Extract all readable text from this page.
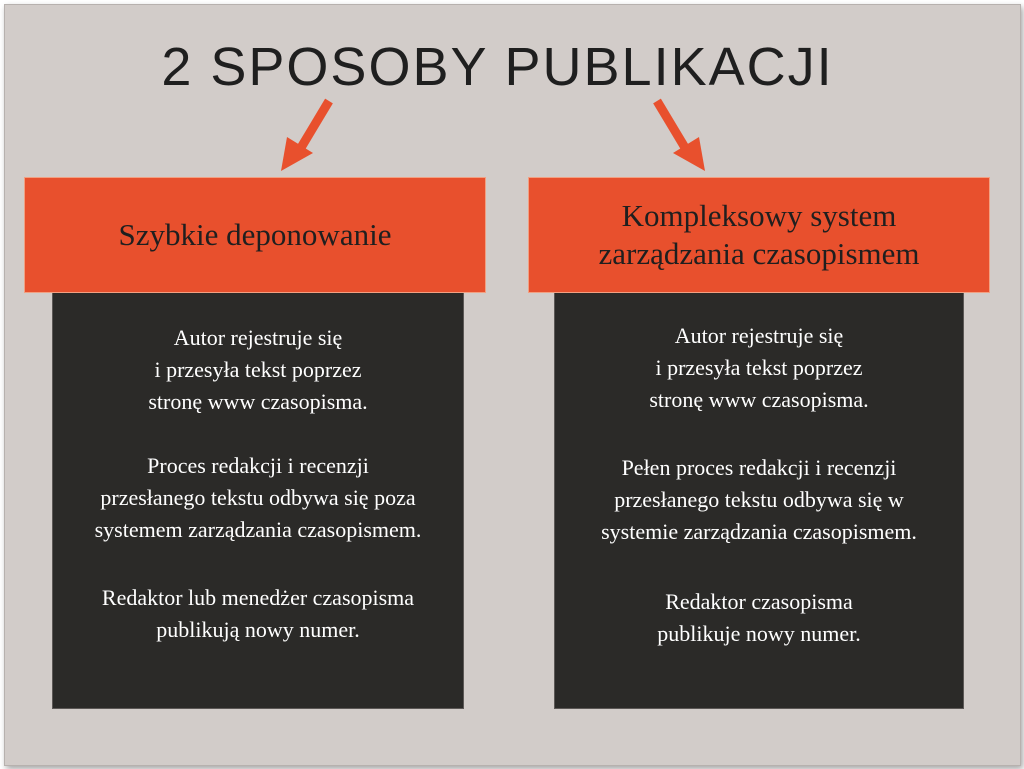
2 SPOSOBY PUBLIKACJI
Szybkie deponowanie
Kompleksowy system
zarządzania czasopismem
Autor rejestruje się
i przesyła tekst poprzez
stronę www czasopisma.
Proces redakcji i recenzji
przesłanego tekstu odbywa się poza
systemem zarządzania czasopismem.
Redaktor lub menedżer czasopisma
publikują nowy numer.
Autor rejestruje się
i przesyła tekst poprzez
stronę www czasopisma.
Pełen proces redakcji i recenzji
przesłanego tekstu odbywa się w
systemie zarządzania czasopismem.
Redaktor czasopisma
publikuje nowy numer.
